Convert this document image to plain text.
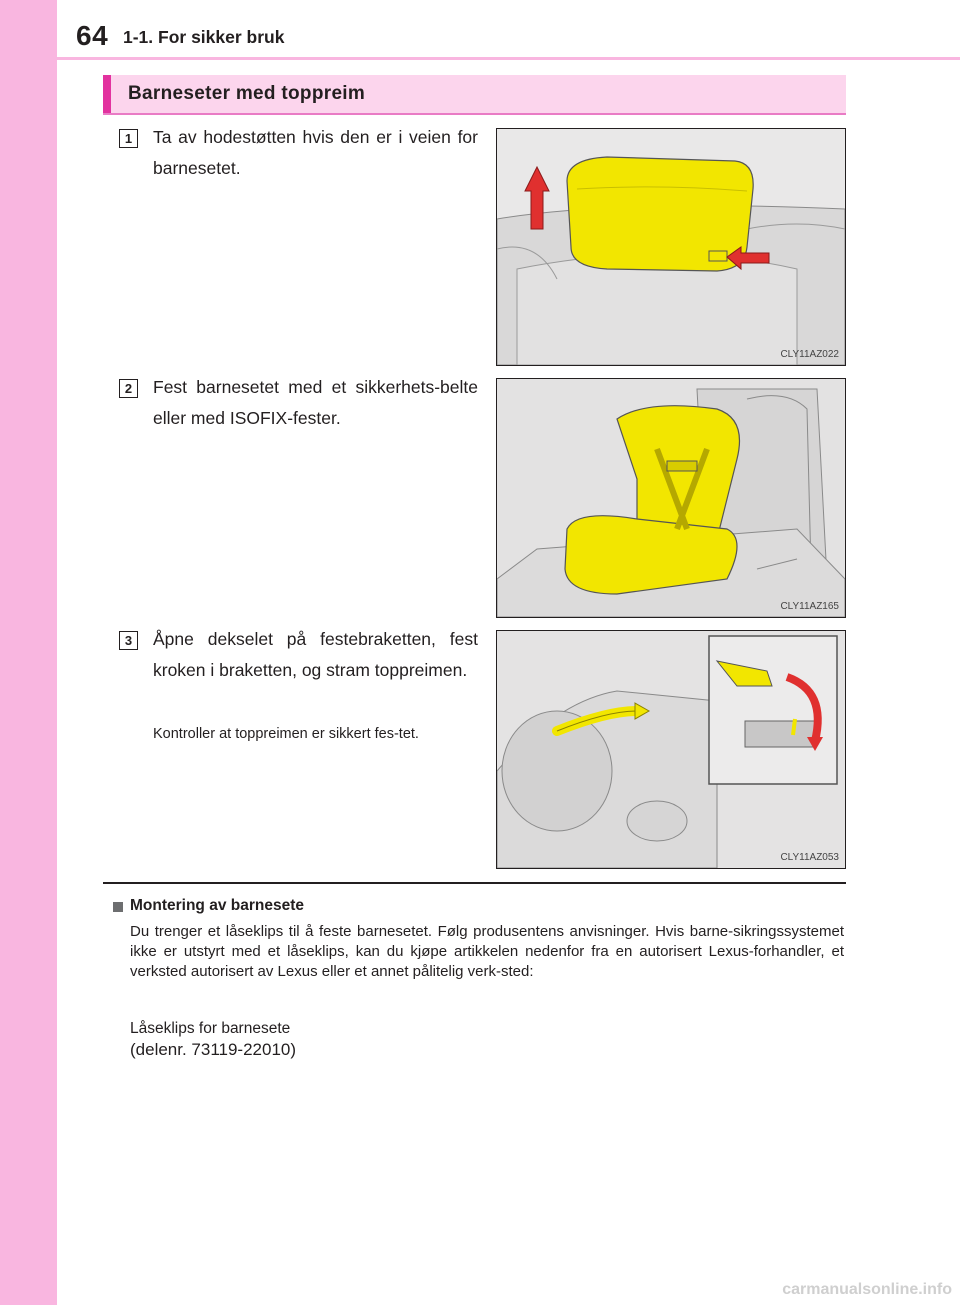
64 1-1. For sikker bruk
Barneseter med toppreim
1	Ta av hodestøtten hvis den er i veien for barnesetet.
CLY11AZ022
2	Fest barnesetet med et sikkerhets-belte eller med ISOFIX-fester.
CLY11AZ165
3	Åpne dekselet på festebraketten, fest kroken i braketten, og stram toppreimen.
Kontroller at toppreimen er sikkert fes-tet.
CLY11AZ053
Montering av barnesete
Du trenger et låseklips til å feste barnesetet. Følg produsentens anvisninger. Hvis barne-sikringssystemet ikke er utstyrt med et låseklips, kan du kjøpe artikkelen nedenfor fra en autorisert Lexus-forhandler, et verksted autorisert av Lexus eller et annet pålitelig verk-sted:
Låseklips for barnesete
(delenr. 73119-22010)
carmanualsonline.info
